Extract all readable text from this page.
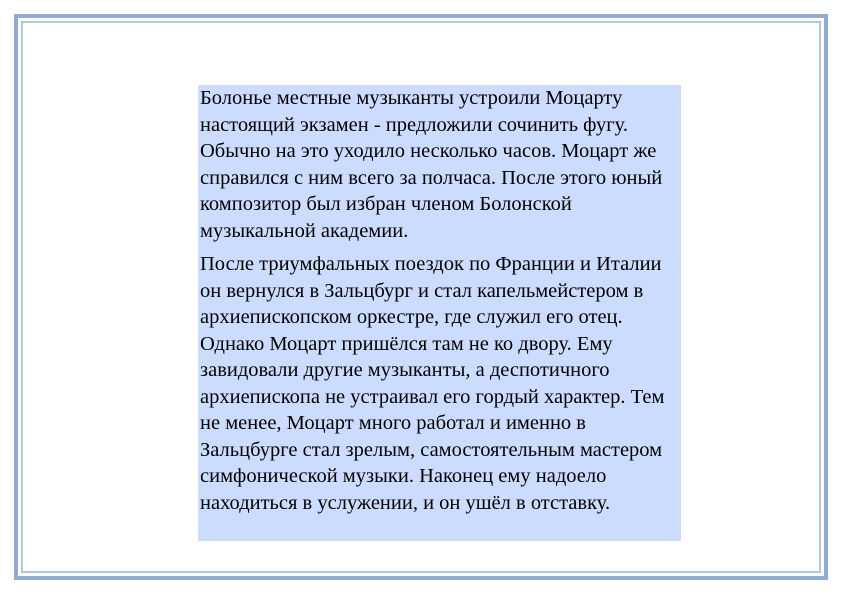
Болонье местные музыканты устроили Моцарту настоящий экзамен - предложили сочинить фугу. Обычно на это уходило несколько часов. Моцарт же справился с ним всего за полчаса. После этого юный композитор был избран членом Болонской музыкальной академии.

После триумфальных поездок по Франции и Италии он вернулся в Зальцбург и стал капельмейстером в архиепископском оркестре, где служил его отец. Однако Моцарт пришёлся там не ко двору. Ему завидовали другие музыканты, а деспотичного архиепископа не устраивал его гордый характер. Тем не менее, Моцарт много работал и именно в Зальцбурге стал зрелым, самостоятельным мастером симфонической музыки. Наконец ему надоело находиться в услужении, и он ушёл в отставку.
